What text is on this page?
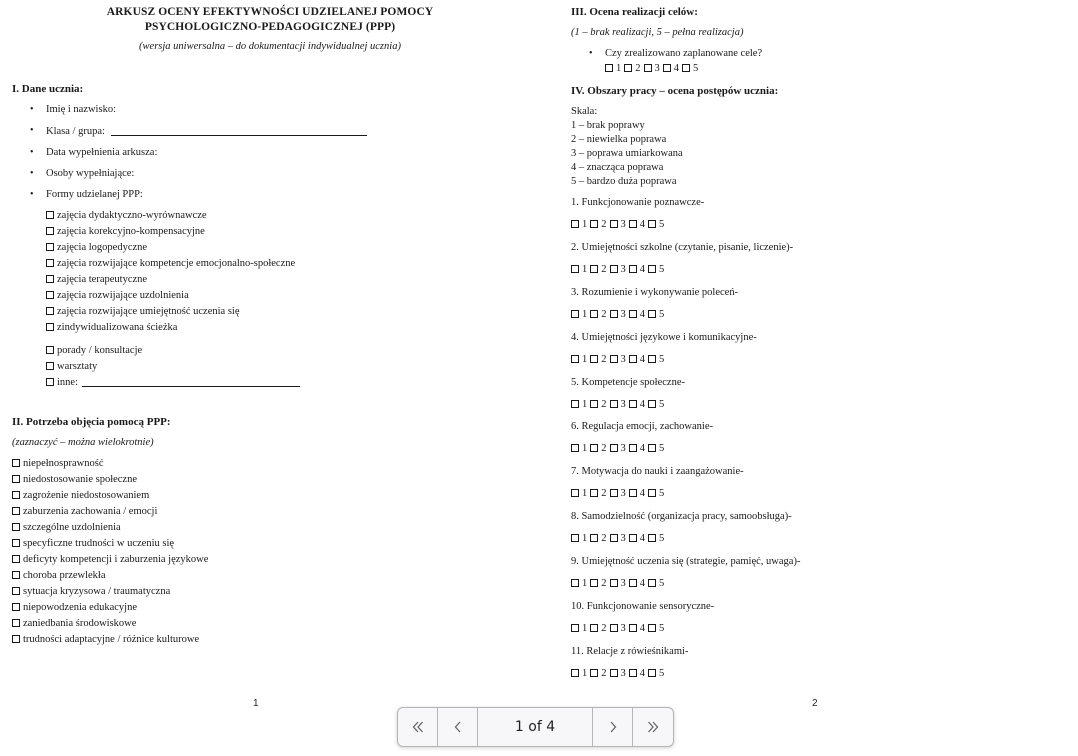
ARKUSZ OCENY EFEKTYWNOŚCI UDZIELANEJ POMOCY
PSYCHOLOGICZNO-PEDAGOGICZNEJ (PPP)
(wersja uniwersalna – do dokumentacji indywidualnej ucznia)
I. Dane ucznia:
• Imię i nazwisko:
• Klasa / grupa:
• Data wypełnienia arkusza:
• Osoby wypełniające:
• Formy udzielanej PPP:
zajęcia dydaktyczno-wyrównawcze
zajęcia korekcyjno-kompensacyjne
zajęcia logopedyczne
zajęcia rozwijające kompetencje emocjonalno-społeczne
zajęcia terapeutyczne
zajęcia rozwijające uzdolnienia
zajęcia rozwijające umiejętność uczenia się
zindywidualizowana ścieżka
porady / konsultacje
warsztaty
inne:
II. Potrzeba objęcia pomocą PPP:
(zaznaczyć – można wielokrotnie)
niepełnosprawność
niedostosowanie społeczne
zagrożenie niedostosowaniem
zaburzenia zachowania / emocji
szczególne uzdolnienia
specyficzne trudności w uczeniu się
deficyty kompetencji i zaburzenia językowe
choroba przewlekła
sytuacja kryzysowa / traumatyczna
niepowodzenia edukacyjne
zaniedbania środowiskowe
trudności adaptacyjne / różnice kulturowe
1
III. Ocena realizacji celów:
(1 – brak realizacji, 5 – pełna realizacja)
• Czy zrealizowano zaplanowane cele?
1 2 3 4 5
IV. Obszary pracy – ocena postępów ucznia:
Skala:
1 – brak poprawy
2 – niewielka poprawa
3 – poprawa umiarkowana
4 – znacząca poprawa
5 – bardzo duża poprawa
1. Funkcjonowanie poznawcze-
1 2 3 4 5
2. Umiejętności szkolne (czytanie, pisanie, liczenie)-
1 2 3 4 5
3. Rozumienie i wykonywanie poleceń-
1 2 3 4 5
4. Umiejętności językowe i komunikacyjne-
1 2 3 4 5
5. Kompetencje społeczne-
1 2 3 4 5
6. Regulacja emocji, zachowanie-
1 2 3 4 5
7. Motywacja do nauki i zaangażowanie-
1 2 3 4 5
8. Samodzielność (organizacja pracy, samoobsługa)-
1 2 3 4 5
9. Umiejętność uczenia się (strategie, pamięć, uwaga)-
1 2 3 4 5
10. Funkcjonowanie sensoryczne-
1 2 3 4 5
11. Relacje z rówieśnikami-
1 2 3 4 5
2
1 of 4
